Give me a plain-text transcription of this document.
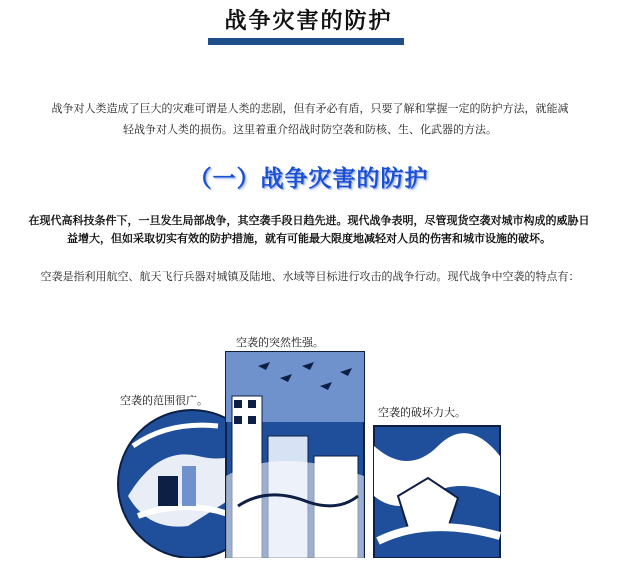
战争灾害的防护
战争对人类造成了巨大的灾难可谓是人类的悲剧，但有矛必有盾，只要了解和掌握一定的防护方法，就能减轻战争对人类的损伤。这里着重介绍战时防空袭和防核、生、化武器的方法。
（一）战争灾害的防护
在现代高科技条件下，一旦发生局部战争，其空袭手段日趋先进。现代战争表明，尽管现货空袭对城市构成的威胁日益增大，但如采取切实有效的防护措施，就有可能最大限度地减轻对人员的伤害和城市设施的破坏。
空袭是指利用航空、航天飞行兵器对城镇及陆地、水域等目标进行攻击的战争行动。现代战争中空袭的特点有：
空袭的突然性强。
空袭的范围很广。
空袭的破坏力大。
